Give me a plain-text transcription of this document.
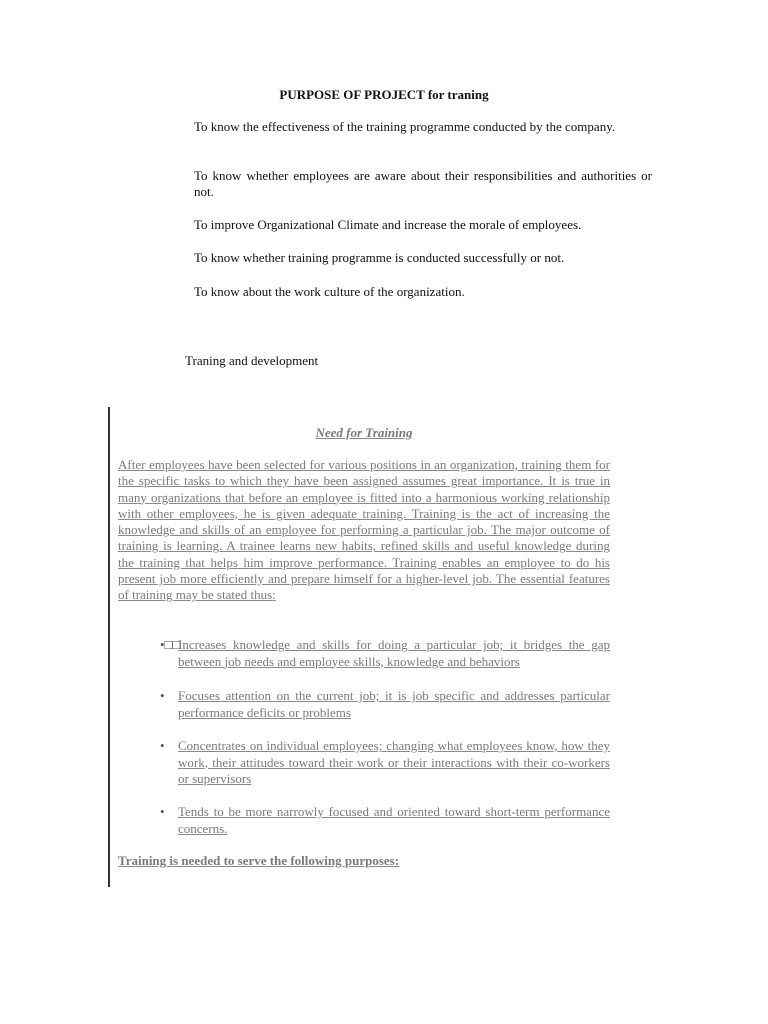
PURPOSE OF PROJECT for traning

To know the effectiveness of the training programme conducted by the company.

To know whether employees are aware about their responsibilities and authorities or not.

To improve Organizational Climate and increase the morale of employees.

To know whether training programme is conducted successfully or not.

To know about the work culture of the organization.

Traning and development
Need for Training

After employees have been selected for various positions in an organization, training them for the specific tasks to which they have been assigned assumes great importance. It is true in many organizations that before an employee is fitted into a harmonious working relationship with other employees, he is given adequate training. Training is the act of increasing the knowledge and skills of an employee for performing a particular job. The major outcome of training is learning. A trainee learns new habits, refined skills and useful knowledge during the training that helps him improve performance. Training enables an employee to do his present job more efficiently and prepare himself for a higher-level job. The essential features of training may be stated thus:

•□□
Increases knowledge and skills for doing a particular job; it bridges the gap between job needs and employee skills, knowledge and behaviors
•	Focuses attention on the current job; it is job specific and addresses particular performance deficits or problems
•	Concentrates on individual employees; changing what employees know, how they work, their attitudes toward their work or their interactions with their co-workers or supervisors
•	Tends to be more narrowly focused and oriented toward short-term performance concerns.
Training is needed to serve the following purposes:
